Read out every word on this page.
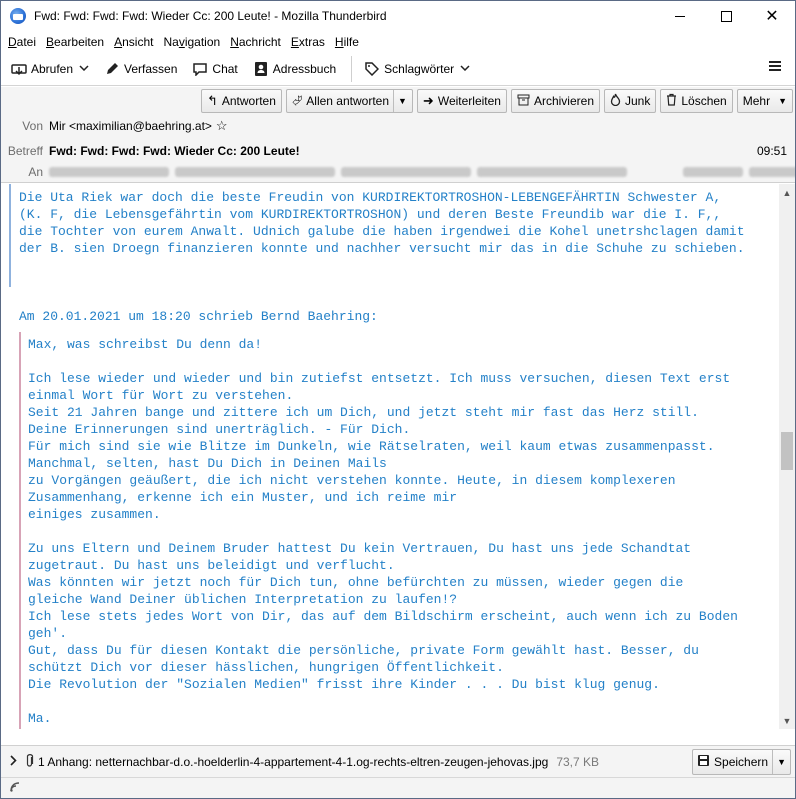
Fwd: Fwd: Fwd: Fwd: Wieder Cc: 200 Leute! - Mozilla Thunderbird	✕
Datei Bearbeiten Ansicht Navigation Nachricht Extras Hilfe
Abrufen	Verfassen	Chat	Adressbuch	Schlagwörter
↰ Antworten ⮰ Allen antworten	▼ ➜ Weiterleiten	Archivieren	Junk	Löschen Mehr ▼
Von Mir <maximilian@baehring.at> ☆
Betreff Fwd: Fwd: Fwd: Fwd: Wieder Cc: 200 Leute!	09:51
An
Die Uta Riek war doch die beste Freudin von KURDIREKTORTROSHON-LEBENGEFÄHRTIN Schwester A,
(K. F, die Lebensgefährtin vom KURDIREKTORTROSHON) und deren Beste Freundib war die I. F,,
die Tochter von eurem Anwalt. Udnich galube die haben irgendwei die Kohel unetrshclagen damit
der B. sien Droegn finanzieren konnte und nachher versucht mir das in die Schuhe zu schieben.
Am 20.01.2021 um 18:20 schrieb Bernd Baehring:
Max, was schreibst Du denn da!

Ich lese wieder und wieder und bin zutiefst entsetzt. Ich muss versuchen, diesen Text erst
einmal Wort für Wort zu verstehen.
Seit 21 Jahren bange und zittere ich um Dich, und jetzt steht mir fast das Herz still.
Deine Erinnerungen sind unerträglich. - Für Dich.
Für mich sind sie wie Blitze im Dunkeln, wie Rätselraten, weil kaum etwas zusammenpasst.
Manchmal, selten, hast Du Dich in Deinen Mails
zu Vorgängen geäußert, die ich nicht verstehen konnte. Heute, in diesem komplexeren
Zusammenhang, erkenne ich ein Muster, und ich reime mir
einiges zusammen.

Zu uns Eltern und Deinem Bruder hattest Du kein Vertrauen, Du hast uns jede Schandtat
zugetraut. Du hast uns beleidigt und verflucht.
Was könnten wir jetzt noch für Dich tun, ohne befürchten zu müssen, wieder gegen die
gleiche Wand Deiner üblichen Interpretation zu laufen!?
Ich lese stets jedes Wort von Dir, das auf dem Bildschirm erscheint, auch wenn ich zu Boden
geh'.
Gut, dass Du für diesen Kontakt die persönliche, private Form gewählt hast. Besser, du
schützt Dich vor dieser hässlichen, hungrigen Öffentlichkeit.
Die Revolution der "Sozialen Medien" frisst ihre Kinder . . . Du bist klug genug.

Ma.
▲
▼
1 Anhang: netternachbar-d.o.-hoelderlin-4-appartement-4-1.og-rechts-eltren-zeugen-jehovas.jpg 73,7 KB	Speichern	▼
